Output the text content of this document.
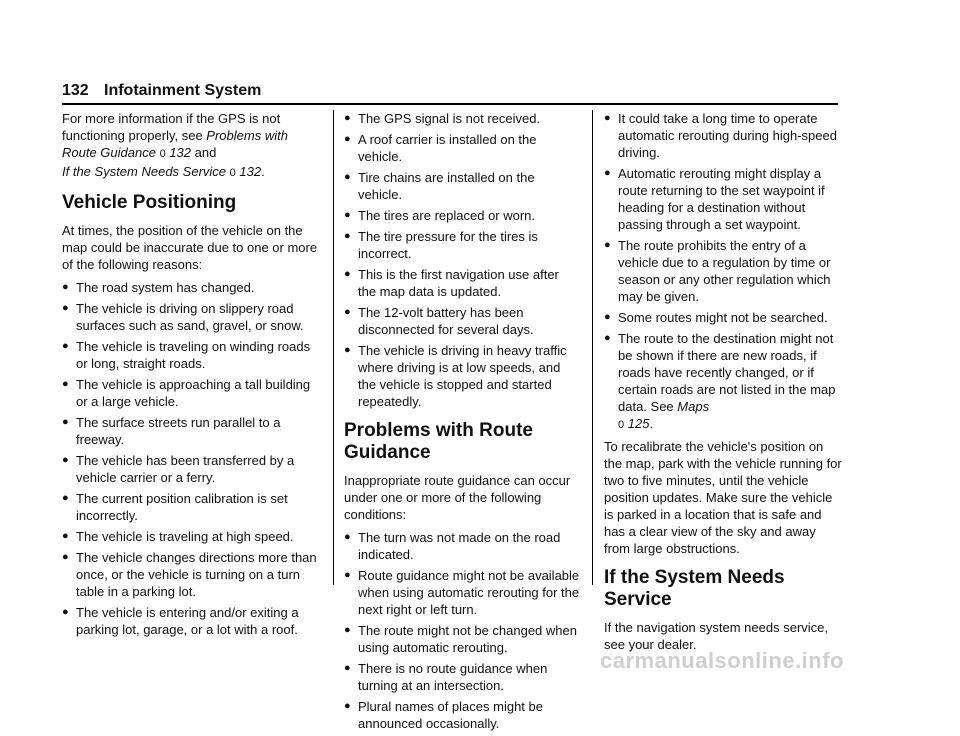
132 Infotainment System

For more information if the GPS is not functioning properly, see Problems with Route Guidance 0 132 and
If the System Needs Service 0 132.

Vehicle Positioning

At times, the position of the vehicle on the map could be inaccurate due to one or more of the following reasons:

● The road system has changed.
● The vehicle is driving on slippery road surfaces such as sand, gravel, or snow.
● The vehicle is traveling on winding roads or long, straight roads.
● The vehicle is approaching a tall building or a large vehicle.
● The surface streets run parallel to a freeway.
● The vehicle has been transferred by a vehicle carrier or a ferry.
● The current position calibration is set incorrectly.
● The vehicle is traveling at high speed.
● The vehicle changes directions more than once, or the vehicle is turning on a turn table in a parking lot.
● The vehicle is entering and/or exiting a parking lot, garage, or a lot with a roof.
● The GPS signal is not received.
● A roof carrier is installed on the vehicle.
● Tire chains are installed on the vehicle.
● The tires are replaced or worn.
● The tire pressure for the tires is incorrect.
● This is the first navigation use after the map data is updated.
● The 12-volt battery has been disconnected for several days.
● The vehicle is driving in heavy traffic where driving is at low speeds, and the vehicle is stopped and started repeatedly.
Problems with Route Guidance

Inappropriate route guidance can occur under one or more of the following conditions:

● The turn was not made on the road indicated.
● Route guidance might not be available when using automatic rerouting for the next right or left turn.
● The route might not be changed when using automatic rerouting.
● There is no route guidance when turning at an intersection.
● Plural names of places might be announced occasionally.
● It could take a long time to operate automatic rerouting during high-speed driving.
● Automatic rerouting might display a route returning to the set waypoint if heading for a destination without passing through a set waypoint.
● The route prohibits the entry of a vehicle due to a regulation by time or season or any other regulation which may be given.
● Some routes might not be searched.
● The route to the destination might not be shown if there are new roads, if roads have recently changed, or if certain roads are not listed in the map data. See Maps
0 125.

To recalibrate the vehicle's position on the map, park with the vehicle running for two to five minutes, until the vehicle position updates. Make sure the vehicle is parked in a location that is safe and has a clear view of the sky and away from large obstructions.

If the System Needs Service

If the navigation system needs service, see your dealer.

carmanualsonline.info
